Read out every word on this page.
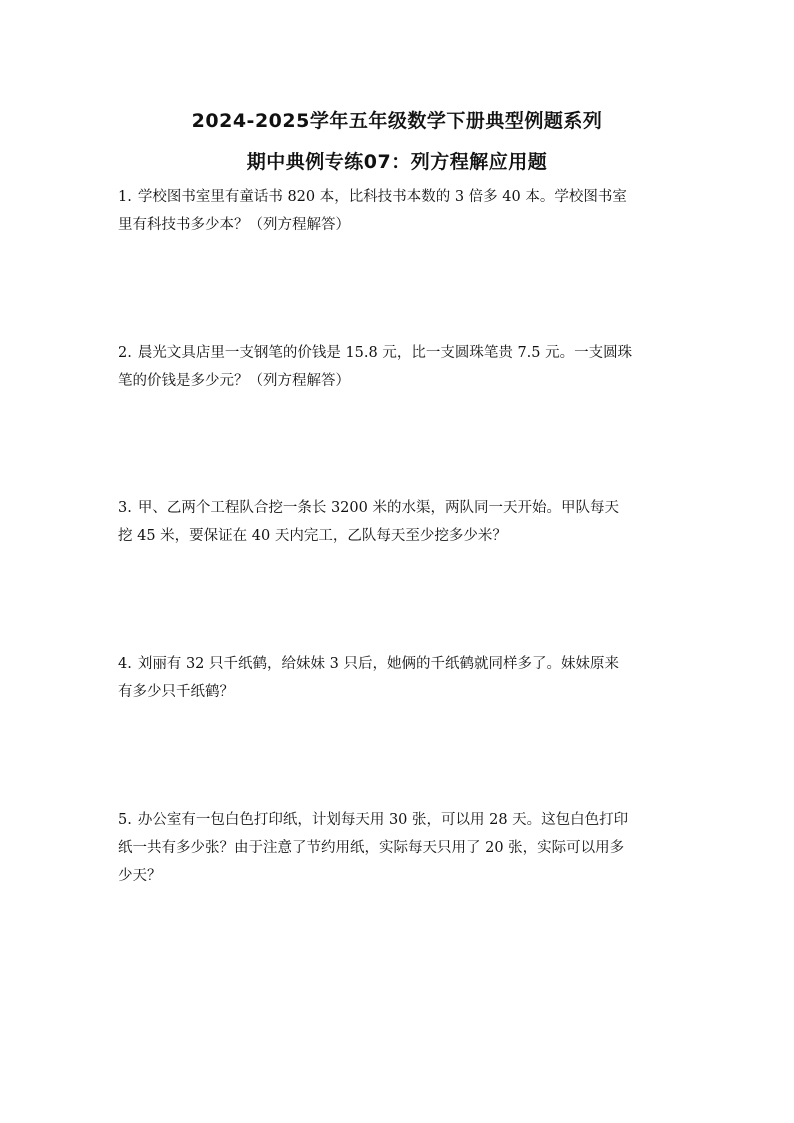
2024-2025学年五年级数学下册典型例题系列
期中典例专练07：列方程解应用题
1. 学校图书室里有童话书 820 本，比科技书本数的 3 倍多 40 本。学校图书室
里有科技书多少本？（列方程解答）
2. 晨光文具店里一支钢笔的价钱是 15.8 元，比一支圆珠笔贵 7.5 元。一支圆珠
笔的价钱是多少元？（列方程解答）
3. 甲、乙两个工程队合挖一条长 3200 米的水渠，两队同一天开始。甲队每天
挖 45 米，要保证在 40 天内完工，乙队每天至少挖多少米？
4. 刘丽有 32 只千纸鹤，给妹妹 3 只后，她俩的千纸鹤就同样多了。妹妹原来
有多少只千纸鹤？
5. 办公室有一包白色打印纸，计划每天用 30 张，可以用 28 天。这包白色打印
纸一共有多少张？由于注意了节约用纸，实际每天只用了 20 张，实际可以用多
少天？
